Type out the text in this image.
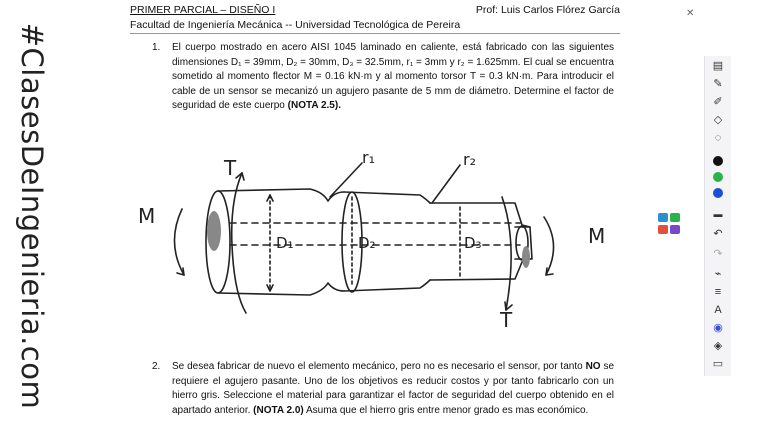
#ClasesDeIngenieria.com
PRIMER PARCIAL – DISEÑO I	Prof: Luis Carlos Flórez García
Facultad de Ingeniería Mecánica -- Universidad Tecnológica de Pereira
1. El cuerpo mostrado en acero AISI 1045 laminado en caliente, está fabricado con las siguientes dimensiones D₁ = 39mm, D₂ = 30mm, D₃ = 32.5mm, r₁ = 3mm y r₂ = 1.625mm. El cual se encuentra sometido al momento flector M = 0.16 kN·m y al momento torsor T = 0.3 kN·m. Para introducir el cable de un sensor se mecanizó un agujero pasante de 5 mm de diámetro. Determine el factor de seguridad de este cuerpo (NOTA 2.5).
2. Se desea fabricar de nuevo el elemento mecánico, pero no es necesario el sensor, por tanto NO se requiere el agujero pasante. Uno de los objetivos es reducir costos y por tanto fabricarlo con un hierro gris. Seleccione el material para garantizar el factor de seguridad del cuerpo obtenido en el apartado anterior. (NOTA 2.0) Asuma que el hierro gris entre menor grado es mas económico.
T
T
M
M
r₁	r₂
D₁	D₂	D₃
✕
▤
✎
✐
◇
◌
▬
↶
↷
⌁
≡
A
◉
◈
▭
